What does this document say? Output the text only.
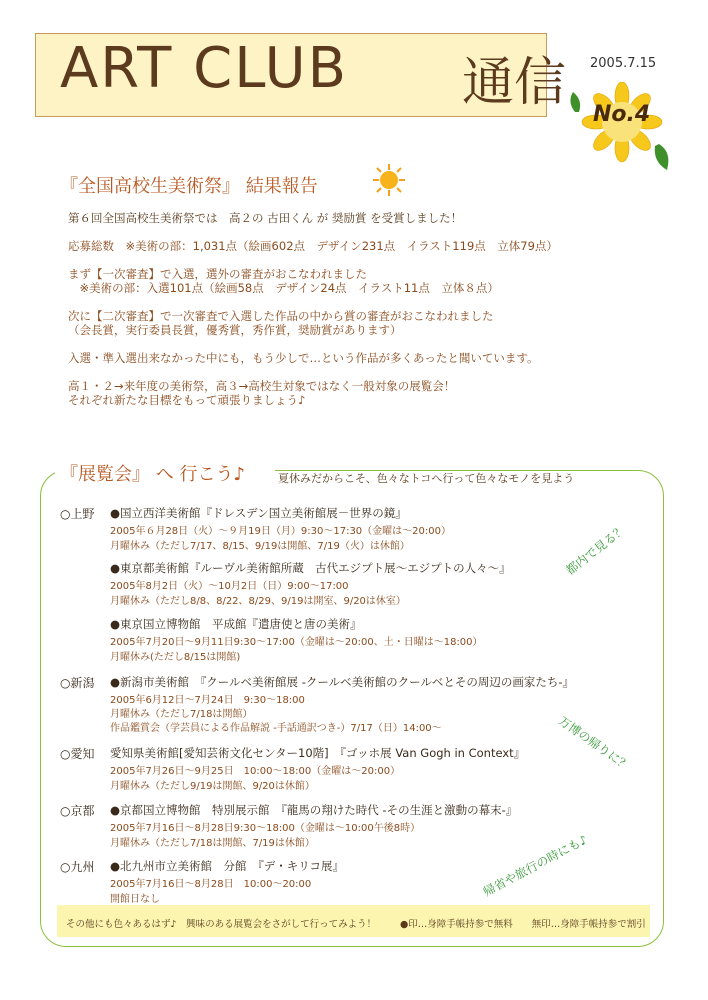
ART CLUB 通信 2005.7.15
No.4
『全国高校生美術祭』 結果報告
第６回全国高校生美術祭では　高２の 古田くん が 奨励賞 を受賞しました！
応募総数　※美術の部：1,031点（絵画602点　デザイン231点　イラスト119点　立体79点）
まず【一次審査】で入選，選外の審査がおこなわれました
　※美術の部：入選101点（絵画58点　デザイン24点　イラスト11点　立体８点）
次に【二次審査】で一次審査で入選した作品の中から賞の審査がおこなわれました
（会長賞，実行委員長賞，優秀賞，秀作賞，奨励賞があります）
入選・準入選出来なかった中にも，もう少しで…という作品が多くあったと聞いています。
高１・２→来年度の美術祭，高３→高校生対象ではなく一般対象の展覧会！
それぞれ新たな目標をもって頑張りましょう♪
『展覧会』 へ 行こう♪	夏休みだからこそ、色々なトコへ行って色々なモノを見よう
○上野 ●国立西洋美術館『ドレスデン国立美術館展－世界の鏡』
2005年６月28日（火）～９月19日（月）9:30～17:30（金曜は～20:00）
月曜休み（ただし7/17、8/15、9/19は開館、7/19（火）は休館）
●東京都美術館『ルーヴル美術館所蔵　古代エジプト展～エジプトの人々～』
2005年8月2日（火）～10月2日（日）9:00～17:00
月曜休み（ただし8/8、8/22、8/29、9/19は開室、9/20は休室）
●東京国立博物館　平成館『遣唐使と唐の美術』
2005年7月20日～9月11日9:30～17:00（金曜は～20:00、土・日曜は～18:00）
月曜休み(ただし8/15は開館)
○新潟 ●新潟市美術館　『クールベ美術館展 -クールベ美術館のクールベとその周辺の画家たち-』
2005年6月12日～7月24日　9:30～18:00
月曜休み（ただし7/18は開館）
作品鑑賞会（学芸員による作品解説 -手話通訳つき-）7/17（日）14:00～
○愛知 愛知県美術館[愛知芸術文化センター10階]　『ゴッホ展 Van Gogh in Context』
2005年7月26日～9月25日　10:00～18:00（金曜は～20:00）
月曜休み（ただし9/19は開館、9/20は休館）
○京都 ●京都国立博物館　特別展示館　『龍馬の翔けた時代 -その生涯と激動の幕末-』
2005年7月16日～8月28日9:30～18:00（金曜は～10:00午後8時）
月曜休み（ただし7/18は開館、7/19は休館）
○九州 ●北九州市立美術館　分館　『デ・キリコ展』
2005年7月16日～8月28日　10:00～20:00
開館日なし
都内で見る？
万博の帰りに？
帰省や旅行の時にも♪
その他にも色々あるはず♪　興味のある展覧会をさがして行ってみよう！	●印…身障手帳持参で無料　　無印…身障手帳持参で割引
